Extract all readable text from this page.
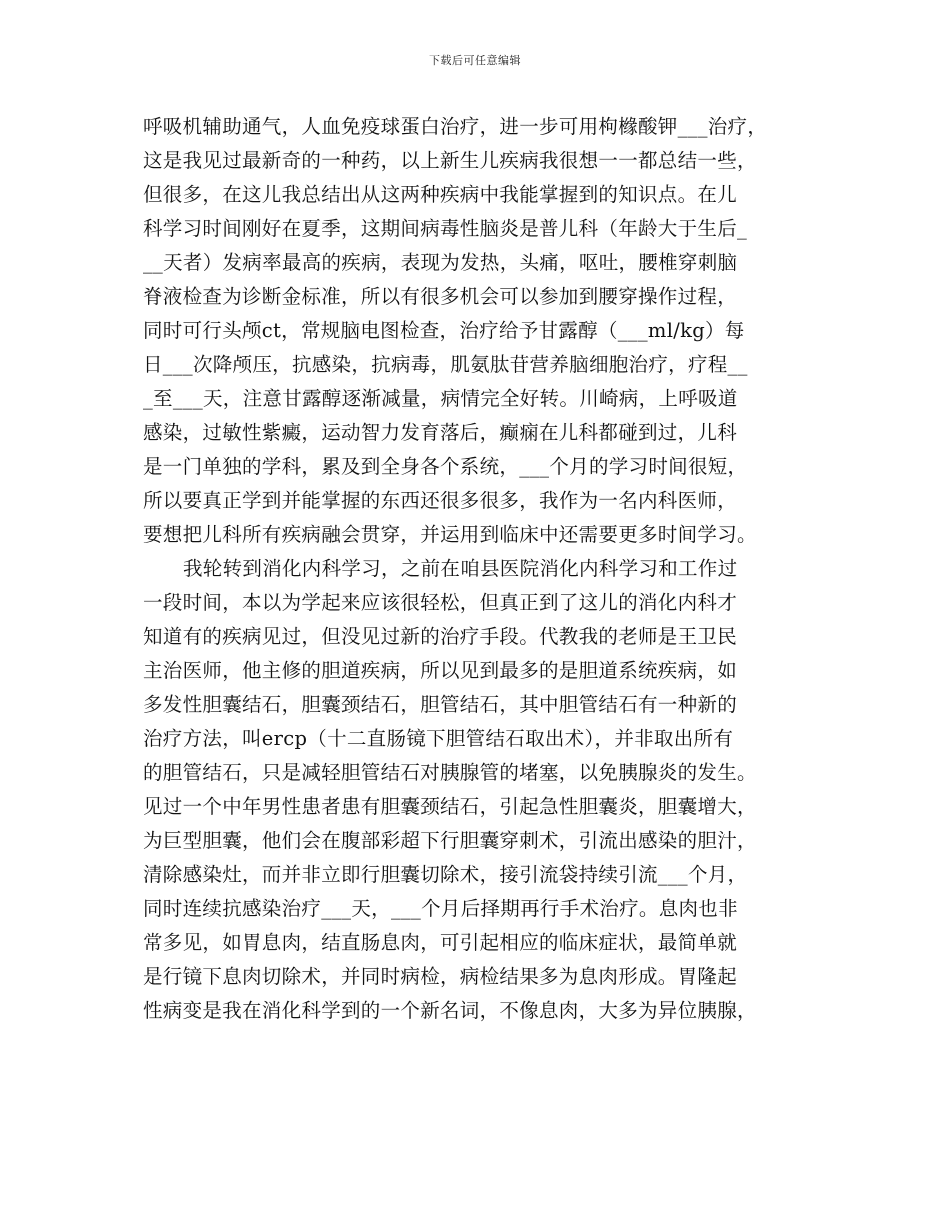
下载后可任意编辑
呼吸机辅助通气，人血免疫球蛋白治疗，进一步可用枸橼酸钾___治疗，
这是我见过最新奇的一种药，以上新生儿疾病我很想一一都总结一些，
但很多，在这儿我总结出从这两种疾病中我能掌握到的知识点。在儿
科学习时间刚好在夏季，这期间病毒性脑炎是普儿科（年龄大于生后_
__天者）发病率最高的疾病，表现为发热，头痛，呕吐，腰椎穿刺脑
脊液检查为诊断金标准，所以有很多机会可以参加到腰穿操作过程，
同时可行头颅ct，常规脑电图检查，治疗给予甘露醇（___ml/kg）每
日___次降颅压，抗感染，抗病毒，肌氨肽苷营养脑细胞治疗，疗程__
_至___天，注意甘露醇逐渐减量，病情完全好转。川崎病，上呼吸道
感染，过敏性紫癜，运动智力发育落后，癫痫在儿科都碰到过，儿科
是一门单独的学科，累及到全身各个系统，___个月的学习时间很短，
所以要真正学到并能掌握的东西还很多很多，我作为一名内科医师，
要想把儿科所有疾病融会贯穿，并运用到临床中还需要更多时间学习。
我轮转到消化内科学习，之前在咱县医院消化内科学习和工作过
一段时间，本以为学起来应该很轻松，但真正到了这儿的消化内科才
知道有的疾病见过，但没见过新的治疗手段。代教我的老师是王卫民
主治医师，他主修的胆道疾病，所以见到最多的是胆道系统疾病，如
多发性胆囊结石，胆囊颈结石，胆管结石，其中胆管结石有一种新的
治疗方法，叫ercp（十二直肠镜下胆管结石取出术），并非取出所有
的胆管结石，只是减轻胆管结石对胰腺管的堵塞，以免胰腺炎的发生。
见过一个中年男性患者患有胆囊颈结石，引起急性胆囊炎，胆囊增大，
为巨型胆囊，他们会在腹部彩超下行胆囊穿刺术，引流出感染的胆汁，
清除感染灶，而并非立即行胆囊切除术，接引流袋持续引流___个月，
同时连续抗感染治疗___天，___个月后择期再行手术治疗。息肉也非
常多见，如胃息肉，结直肠息肉，可引起相应的临床症状，最简单就
是行镜下息肉切除术，并同时病检，病检结果多为息肉形成。胃隆起
性病变是我在消化科学到的一个新名词，不像息肉，大多为异位胰腺，
